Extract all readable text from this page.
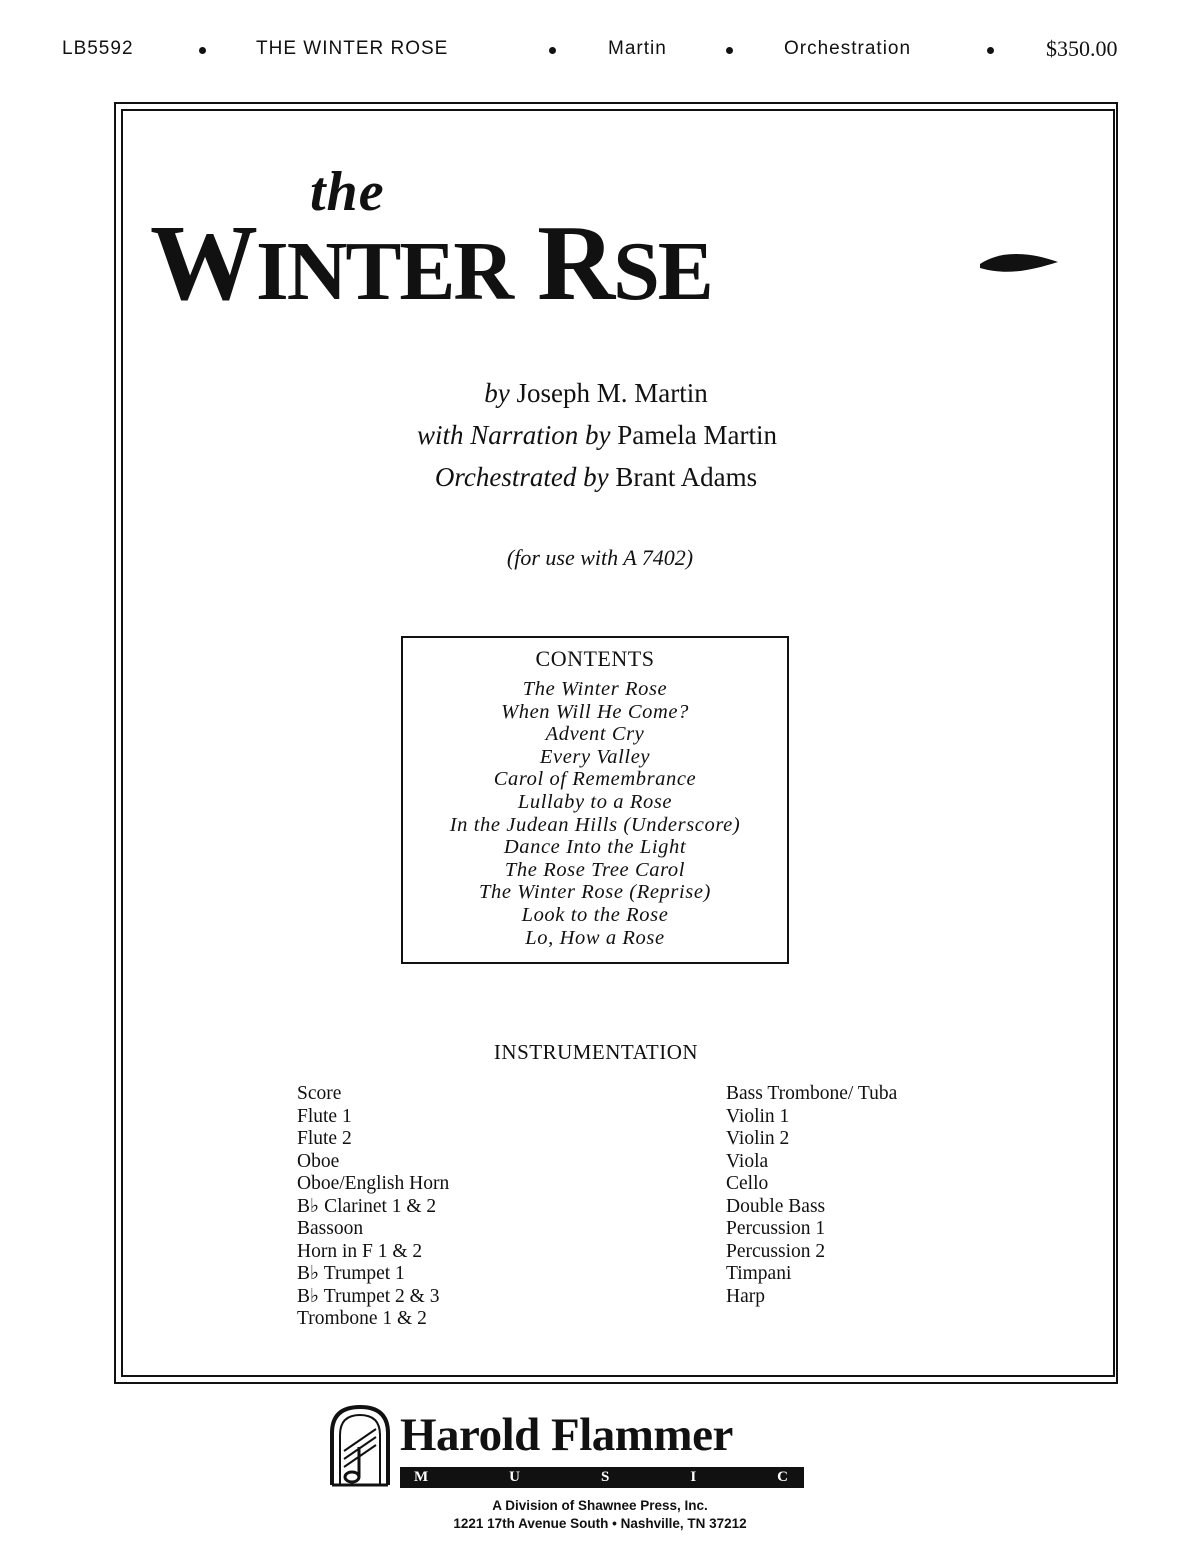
LB5592	THE WINTER ROSE	Martin	Orchestration	$350.00
the
WINTER RSE
by Joseph M. Martin
with Narration by Pamela Martin
Orchestrated by Brant Adams
(for use with A 7402)
CONTENTS
The Winter Rose
When Will He Come?
Advent Cry
Every Valley
Carol of Remembrance
Lullaby to a Rose
In the Judean Hills (Underscore)
Dance Into the Light
The Rose Tree Carol
The Winter Rose (Reprise)
Look to the Rose
Lo, How a Rose
INSTRUMENTATION
Score
Flute 1
Flute 2
Oboe
Oboe/English Horn
B♭ Clarinet 1 & 2
Bassoon
Horn in F 1 & 2
B♭ Trumpet 1
B♭ Trumpet 2 & 3
Trombone 1 & 2
Bass Trombone/ Tuba
Violin 1
Violin 2
Viola
Cello
Double Bass
Percussion 1
Percussion 2
Timpani
Harp
Harold Flammer
M	U	S	I	C
A Division of Shawnee Press, Inc.
1221 17th Avenue South • Nashville, TN 37212
